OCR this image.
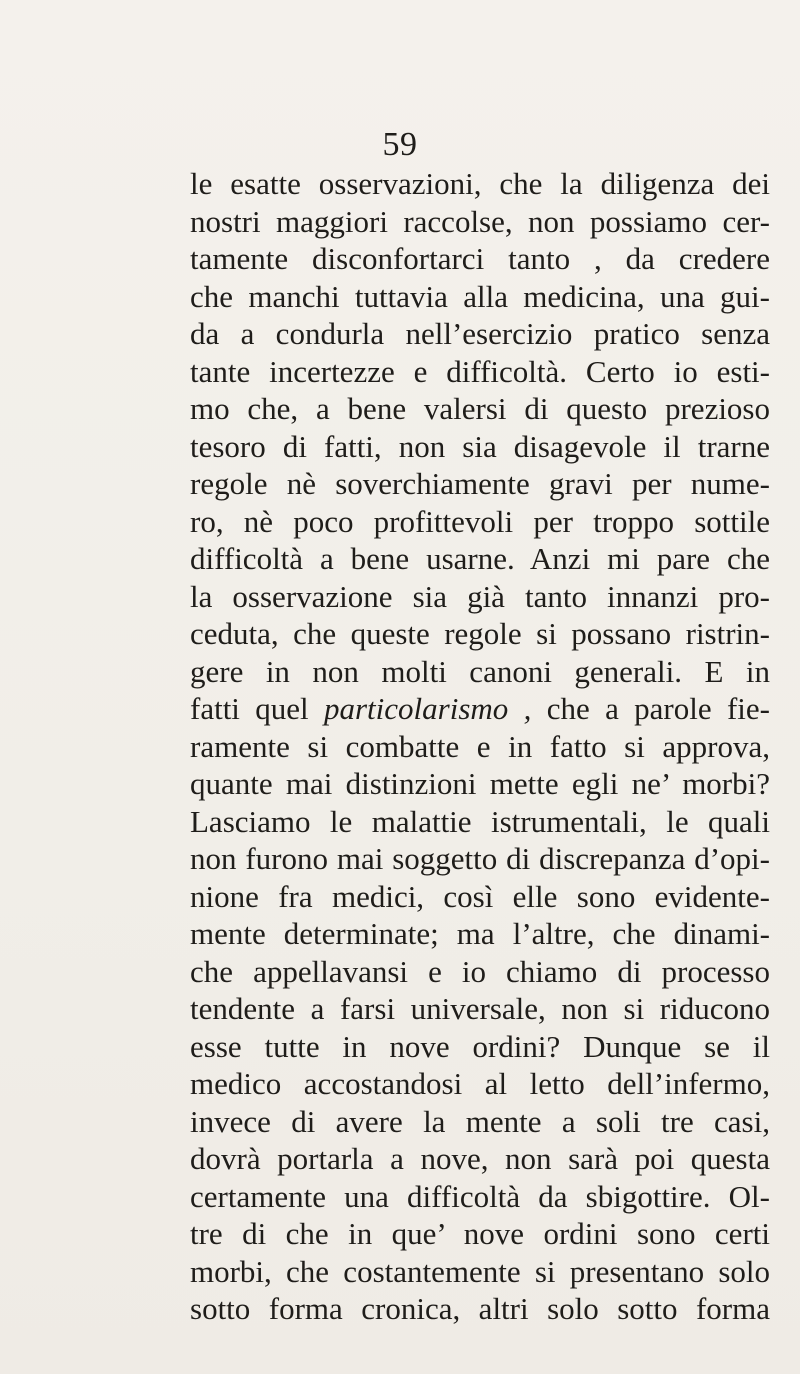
59
le esatte osservazioni, che la diligenza dei
nostri maggiori raccolse, non possiamo cer-
tamente disconfortarci tanto , da credere
che manchi tuttavia alla medicina, una gui-
da a condurla nell’esercizio pratico senza
tante incertezze e difficoltà. Certo io esti-
mo che, a bene valersi di questo prezioso
tesoro di fatti, non sia disagevole il trarne
regole nè soverchiamente gravi per nume-
ro, nè poco profittevoli per troppo sottile
difficoltà a bene usarne. Anzi mi pare che
la osservazione sia già tanto innanzi pro-
ceduta, che queste regole si possano ristrin-
gere in non molti canoni generali. E in
fatti quel particolarismo , che a parole fie-
ramente si combatte e in fatto si approva,
quante mai distinzioni mette egli ne’ morbi?
Lasciamo le malattie istrumentali, le quali
non furono mai soggetto di discrepanza d’opi-
nione fra medici, così elle sono evidente-
mente determinate; ma l’altre, che dinami-
che appellavansi e io chiamo di processo
tendente a farsi universale, non si riducono
esse tutte in nove ordini? Dunque se il
medico accostandosi al letto dell’infermo,
invece di avere la mente a soli tre casi,
dovrà portarla a nove, non sarà poi questa
certamente una difficoltà da sbigottire. Ol-
tre di che in que’ nove ordini sono certi
morbi, che costantemente si presentano solo
sotto forma cronica, altri solo sotto forma
